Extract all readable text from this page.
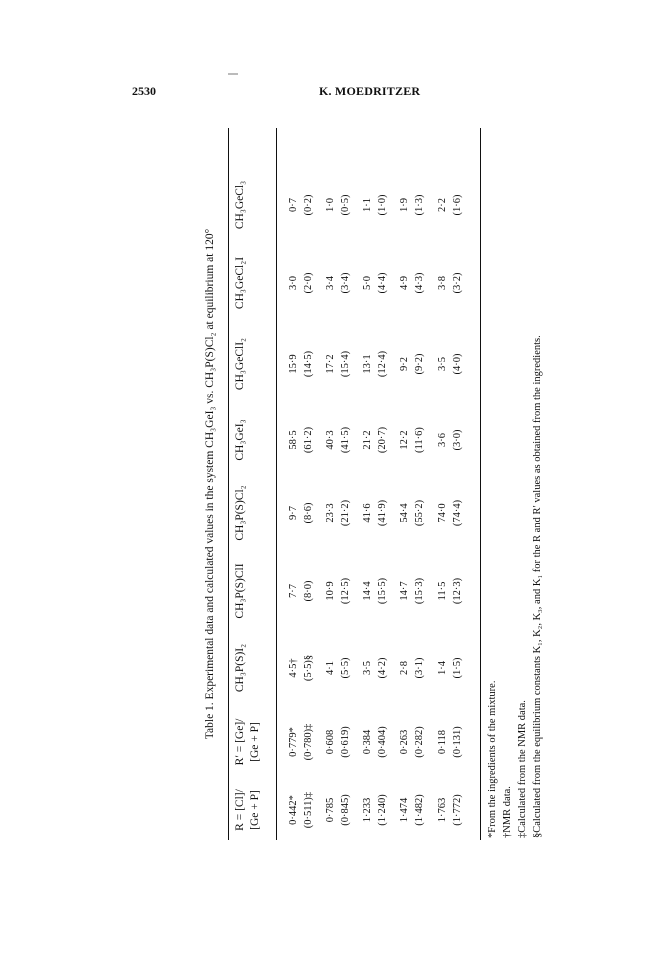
2530	K. MOEDRITZER
Table 1. Experimental data and calculated values in the system CH₃GeI₃ vs. CH₃P(S)Cl₂ at equilibrium at 120°
R = [Cl]/ [Ge + P]
R′ = [Ge]/ [Ge + P]
CH₃P(S)I₂
CH₃P(S)ClI
CH₃P(S)Cl₂
CH₃GeI₃
CH₃GeClI₂
CH₃GeCl₂I
CH₃GeCl₃
0·442* (0·511)‡
0·779* (0·780)‡
4·5† (5·5)§
7·7 (8·0)
9·7 (8·6)
58·5 (61·2)
15·9 (14·5)
3·0 (2·0)
0·7 (0·2)
0·785 (0·845)
0·608 (0·619)
4·1 (5·5)
10·9 (12·5)
23·3 (21·2)
40·3 (41·5)
17·2 (15·4)
3·4 (3·4)
1·0 (0·5)
1·233 (1·240)
0·384 (0·404)
3·5 (4·2)
14·4 (15·5)
41·6 (41·9)
21·2 (20·7)
13·1 (12·4)
5·0 (4·4)
1·1 (1·0)
1·474 (1·482)
0·263 (0·282)
2·8 (3·1)
14·7 (15·3)
54·4 (55·2)
12·2 (11·6)
9·2 (9·2)
4·9 (4·3)
1·9 (1·3)
1·763 (1·772)
0·118 (0·131)
1·4 (1·5)
11·5 (12·3)
74·0 (74·4)
3·6 (3·0)
3·5 (4·0)
3·8 (3·2)
2·2 (1·6)
*From the ingredients of the mixture. †NMR data. ‡Calculated from the NMR data. §Calculated from the equilibrium constants K₁, K₂, K₃, and K₁ for the R and R′ values as obtained from the ingredients.
